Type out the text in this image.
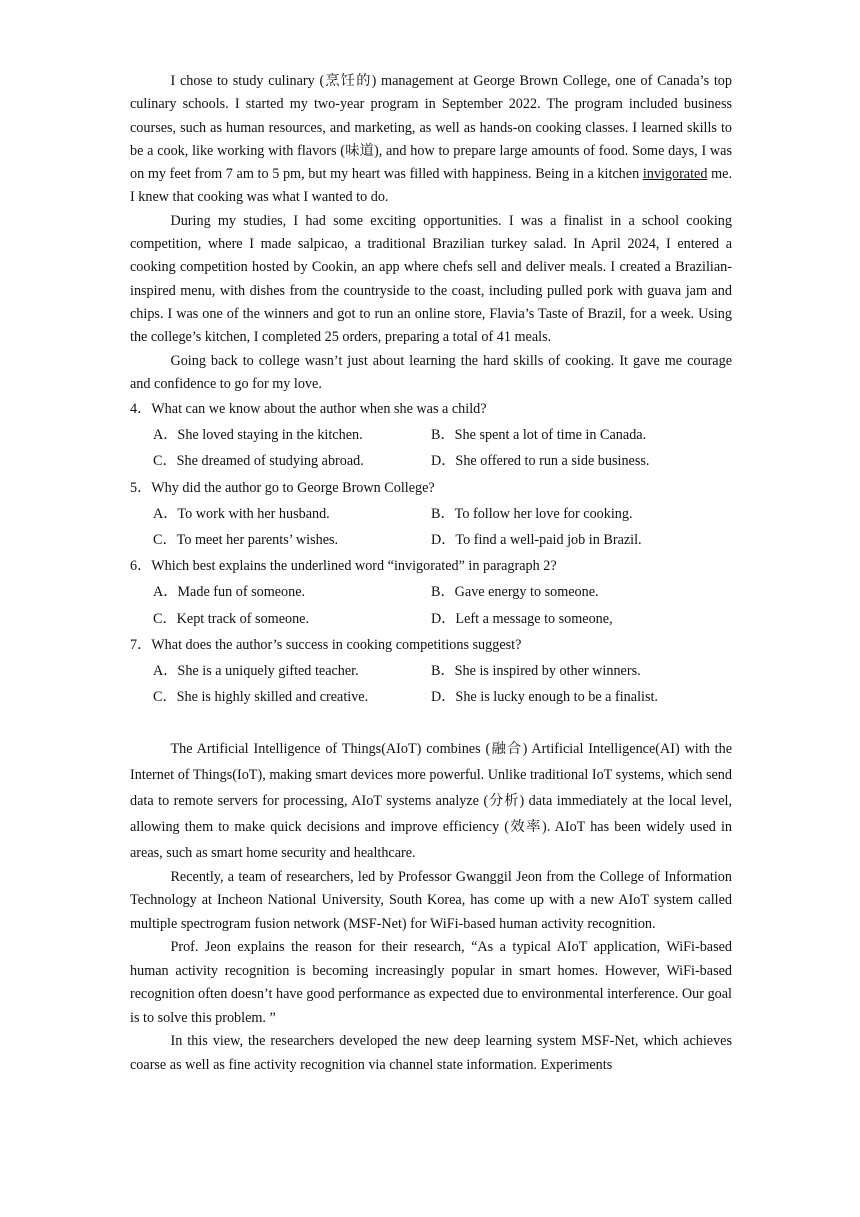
I chose to study culinary (烹饪的) management at George Brown College, one of Canada’s top culinary schools. I started my two-year program in September 2022. The program included business courses, such as human resources, and marketing, as well as hands-on cooking classes. I learned skills to be a cook, like working with flavors (味道), and how to prepare large amounts of food. Some days, I was on my feet from 7 am to 5 pm, but my heart was filled with happiness. Being in a kitchen invigorated me. I knew that cooking was what I wanted to do.

During my studies, I had some exciting opportunities. I was a finalist in a school cooking competition, where I made salpicao, a traditional Brazilian turkey salad. In April 2024, I entered a cooking competition hosted by Cookin, an app where chefs sell and deliver meals. I created a Brazilian-inspired menu, with dishes from the countryside to the coast, including pulled pork with guava jam and chips. I was one of the winners and got to run an online store, Flavia’s Taste of Brazil, for a week. Using the college’s kitchen, I completed 25 orders, preparing a total of 41 meals.

Going back to college wasn’t just about learning the hard skills of cooking. It gave me courage and confidence to go for my love.

4．What can we know about the author when she was a child?
A．She loved staying in the kitchen.	B．She spent a lot of time in Canada.
C．She dreamed of studying abroad.	D．She offered to run a side business.
5．Why did the author go to George Brown College?
A．To work with her husband.	B．To follow her love for cooking.
C．To meet her parents’ wishes.	D．To find a well-paid job in Brazil.
6．Which best explains the underlined word “invigorated” in paragraph 2?
A．Made fun of someone.	B．Gave energy to someone.
C．Kept track of someone.	D．Left a message to someone,
7．What does the author’s success in cooking competitions suggest?
A．She is a uniquely gifted teacher.	B．She is inspired by other winners.
C．She is highly skilled and creative.	D．She is lucky enough to be a finalist.

The Artificial Intelligence of Things(AIoT) combines (融合) Artificial Intelligence(AI) with the Internet of Things(IoT), making smart devices more powerful. Unlike traditional IoT systems, which send data to remote servers for processing, AIoT systems analyze (分析) data immediately at the local level, allowing them to make quick decisions and improve efficiency (效率). AIoT has been widely used in areas, such as smart home security and healthcare.

Recently, a team of researchers, led by Professor Gwanggil Jeon from the College of Information Technology at Incheon National University, South Korea, has come up with a new AIoT system called multiple spectrogram fusion network (MSF-Net) for WiFi-based human activity recognition.

Prof. Jeon explains the reason for their research, “As a typical AIoT application, WiFi-based human activity recognition is becoming increasingly popular in smart homes. However, WiFi-based recognition often doesn’t have good performance as expected due to environmental interference. Our goal is to solve this problem. ”

In this view, the researchers developed the new deep learning system MSF-Net, which achieves coarse as well as fine activity recognition via channel state information. Experiments
